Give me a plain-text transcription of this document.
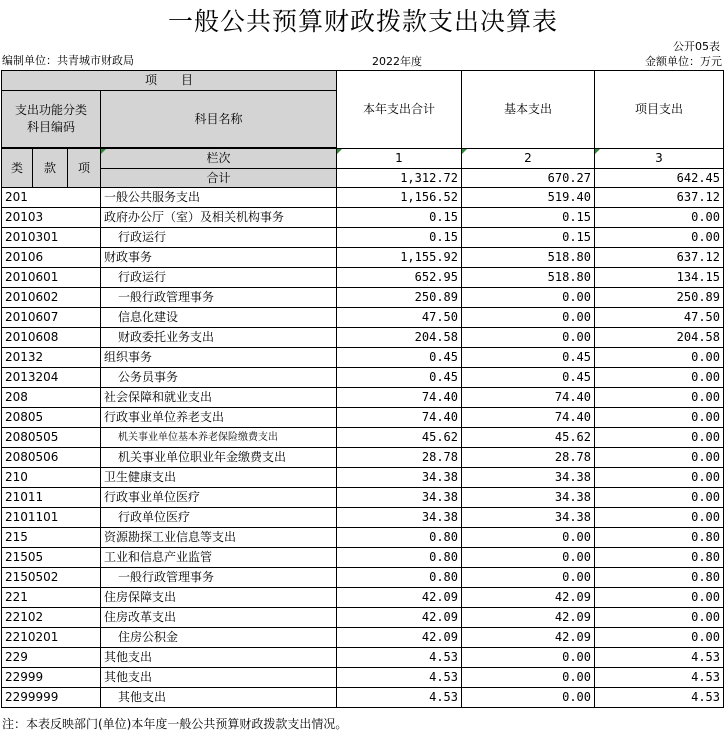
一般公共预算财政拨款支出决算表
公开05表
编制单位：共青城市财政局	2022年度	金额单位：万元
项　　目				本年支出合计	基本支出	项目支出
支出功能分类
科目编码			科目名称			

类	款	项	栏次	1	2	3
			合计	1,312.72	670.27	642.45
201			一般公共服务支出	1,156.52	519.40	637.12
20103			政府办公厅（室）及相关机构事务	0.15	0.15	0.00
2010301			行政运行	0.15	0.15	0.00
20106			财政事务	1,155.92	518.80	637.12
2010601			行政运行	652.95	518.80	134.15
2010602			一般行政管理事务	250.89	0.00	250.89
2010607			信息化建设	47.50	0.00	47.50
2010608			财政委托业务支出	204.58	0.00	204.58
20132			组织事务	0.45	0.45	0.00
2013204			公务员事务	0.45	0.45	0.00
208			社会保障和就业支出	74.40	74.40	0.00
20805			行政事业单位养老支出	74.40	74.40	0.00
2080505			机关事业单位基本养老保险缴费支出	45.62	45.62	0.00
2080506			机关事业单位职业年金缴费支出	28.78	28.78	0.00
210			卫生健康支出	34.38	34.38	0.00
21011			行政事业单位医疗	34.38	34.38	0.00
2101101			行政单位医疗	34.38	34.38	0.00
215			资源勘探工业信息等支出	0.80	0.00	0.80
21505			工业和信息产业监管	0.80	0.00	0.80
2150502			一般行政管理事务	0.80	0.00	0.80
221			住房保障支出	42.09	42.09	0.00
22102			住房改革支出	42.09	42.09	0.00
2210201			住房公积金	42.09	42.09	0.00
229			其他支出	4.53	0.00	4.53
22999			其他支出	4.53	0.00	4.53
2299999			其他支出	4.53	0.00	4.53
注：本表反映部门(单位)本年度一般公共预算财政拨款支出情况。
